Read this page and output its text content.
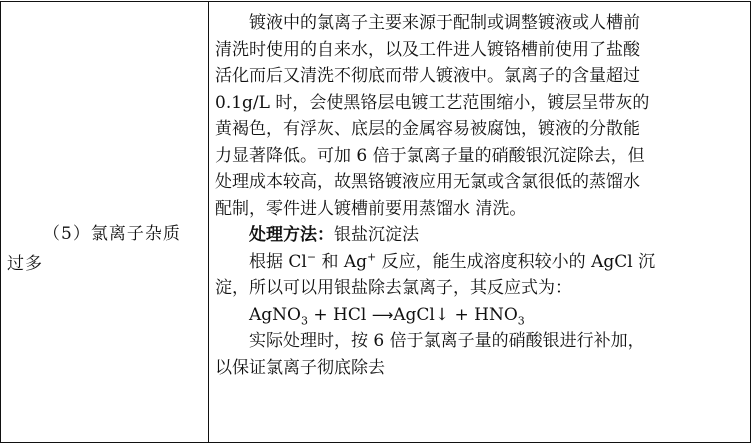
（5）氯离子杂质
过多
镀液中的氯离子主要来源于配制或调整镀液或人槽前
清洗时使用的自来水，以及工件进人镀铬槽前使用了盐酸
活化而后又清洗不彻底而带人镀液中。氯离子的含量超过
0.1g/L 时，会使黑铬层电镀工艺范围缩小，镀层呈带灰的
黄褐色，有浮灰、底层的金属容易被腐蚀，镀液的分散能
力显著降低。可加 6 倍于氯离子量的硝酸银沉淀除去，但
处理成本较高，故黑铬镀液应用无氯或含氯很低的蒸馏水
配制，零件进人镀槽前要用蒸馏水 清洗。
处理方法：银盐沉淀法
根据 Cl− 和 Ag+ 反应，能生成溶度积较小的 AgCl 沉
淀，所以可以用银盐除去氯离子，其反应式为：
AgNO$_3$ + HCl ⟶AgCl↓ + $HNO_3$
实际处理时，按 6 倍于氯离子量的硝酸银进行补加，
以保证氯离子彻底除去
